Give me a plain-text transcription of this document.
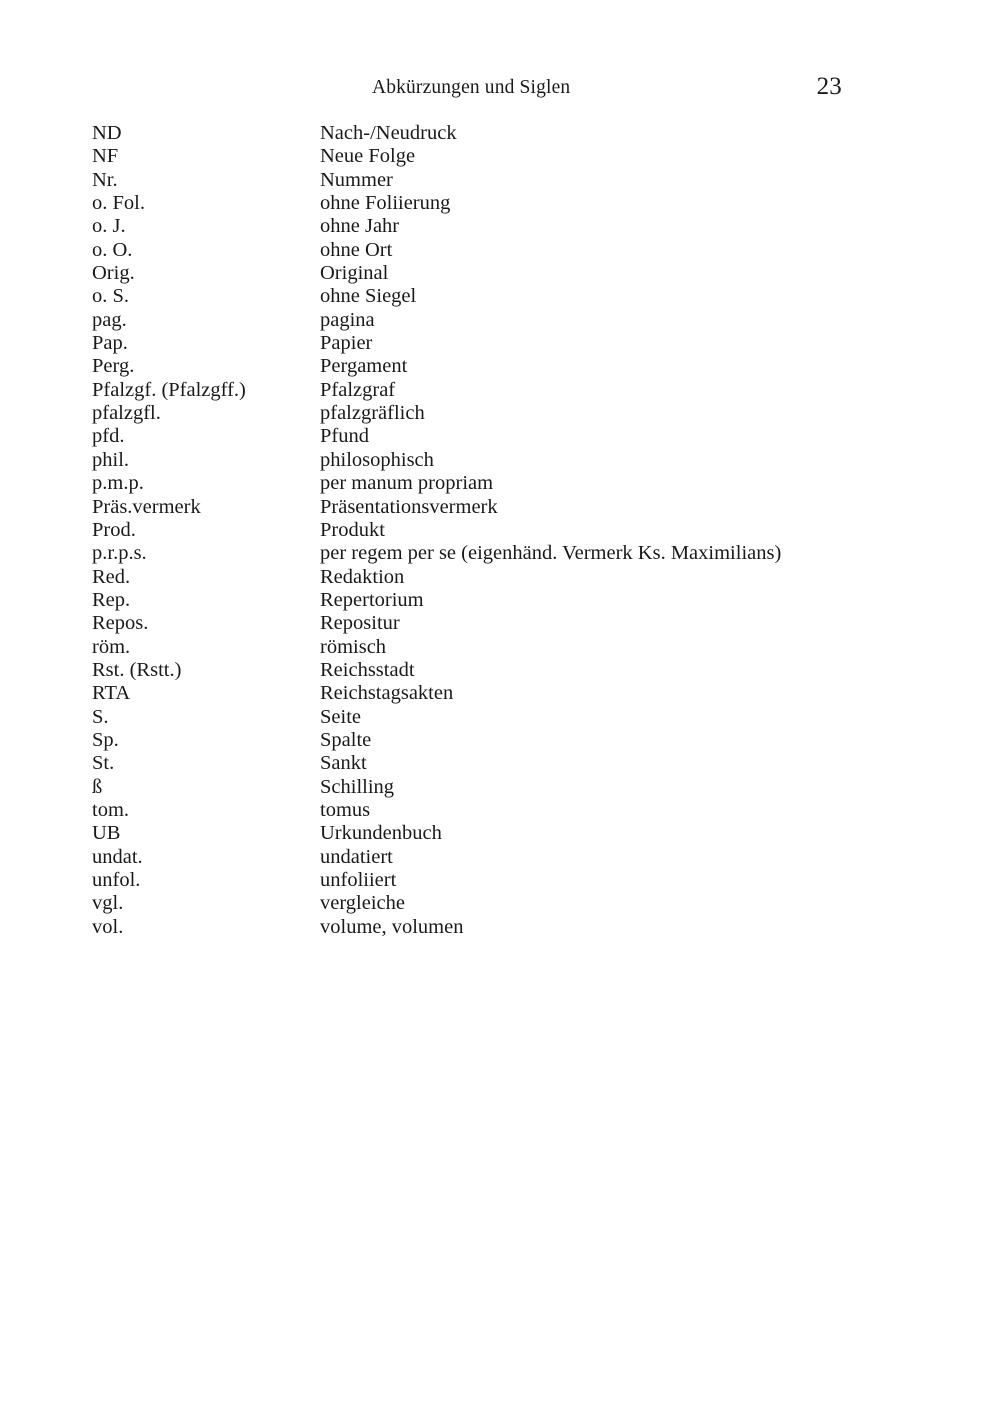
Abkürzungen und Siglen	23
ND	Nach-/Neudruck
NF	Neue Folge
Nr.	Nummer
o. Fol.	ohne Foliierung
o. J.	ohne Jahr
o. O.	ohne Ort
Orig.	Original
o. S.	ohne Siegel
pag.	pagina
Pap.	Papier
Perg.	Pergament
Pfalzgf. (Pfalzgff.)	Pfalzgraf
pfalzgfl.	pfalzgräflich
pfd.	Pfund
phil.	philosophisch
p.m.p.	per manum propriam
Präs.vermerk	Präsentationsvermerk
Prod.	Produkt
p.r.p.s.	per regem per se (eigenhänd. Vermerk Ks. Maximilians)
Red.	Redaktion
Rep.	Repertorium
Repos.	Repositur
röm.	römisch
Rst. (Rstt.)	Reichsstadt
RTA	Reichstagsakten
S.	Seite
Sp.	Spalte
St.	Sankt
ß	Schilling
tom.	tomus
UB	Urkundenbuch
undat.	undatiert
unfol.	unfoliiert
vgl.	vergleiche
vol.	volume, volumen
